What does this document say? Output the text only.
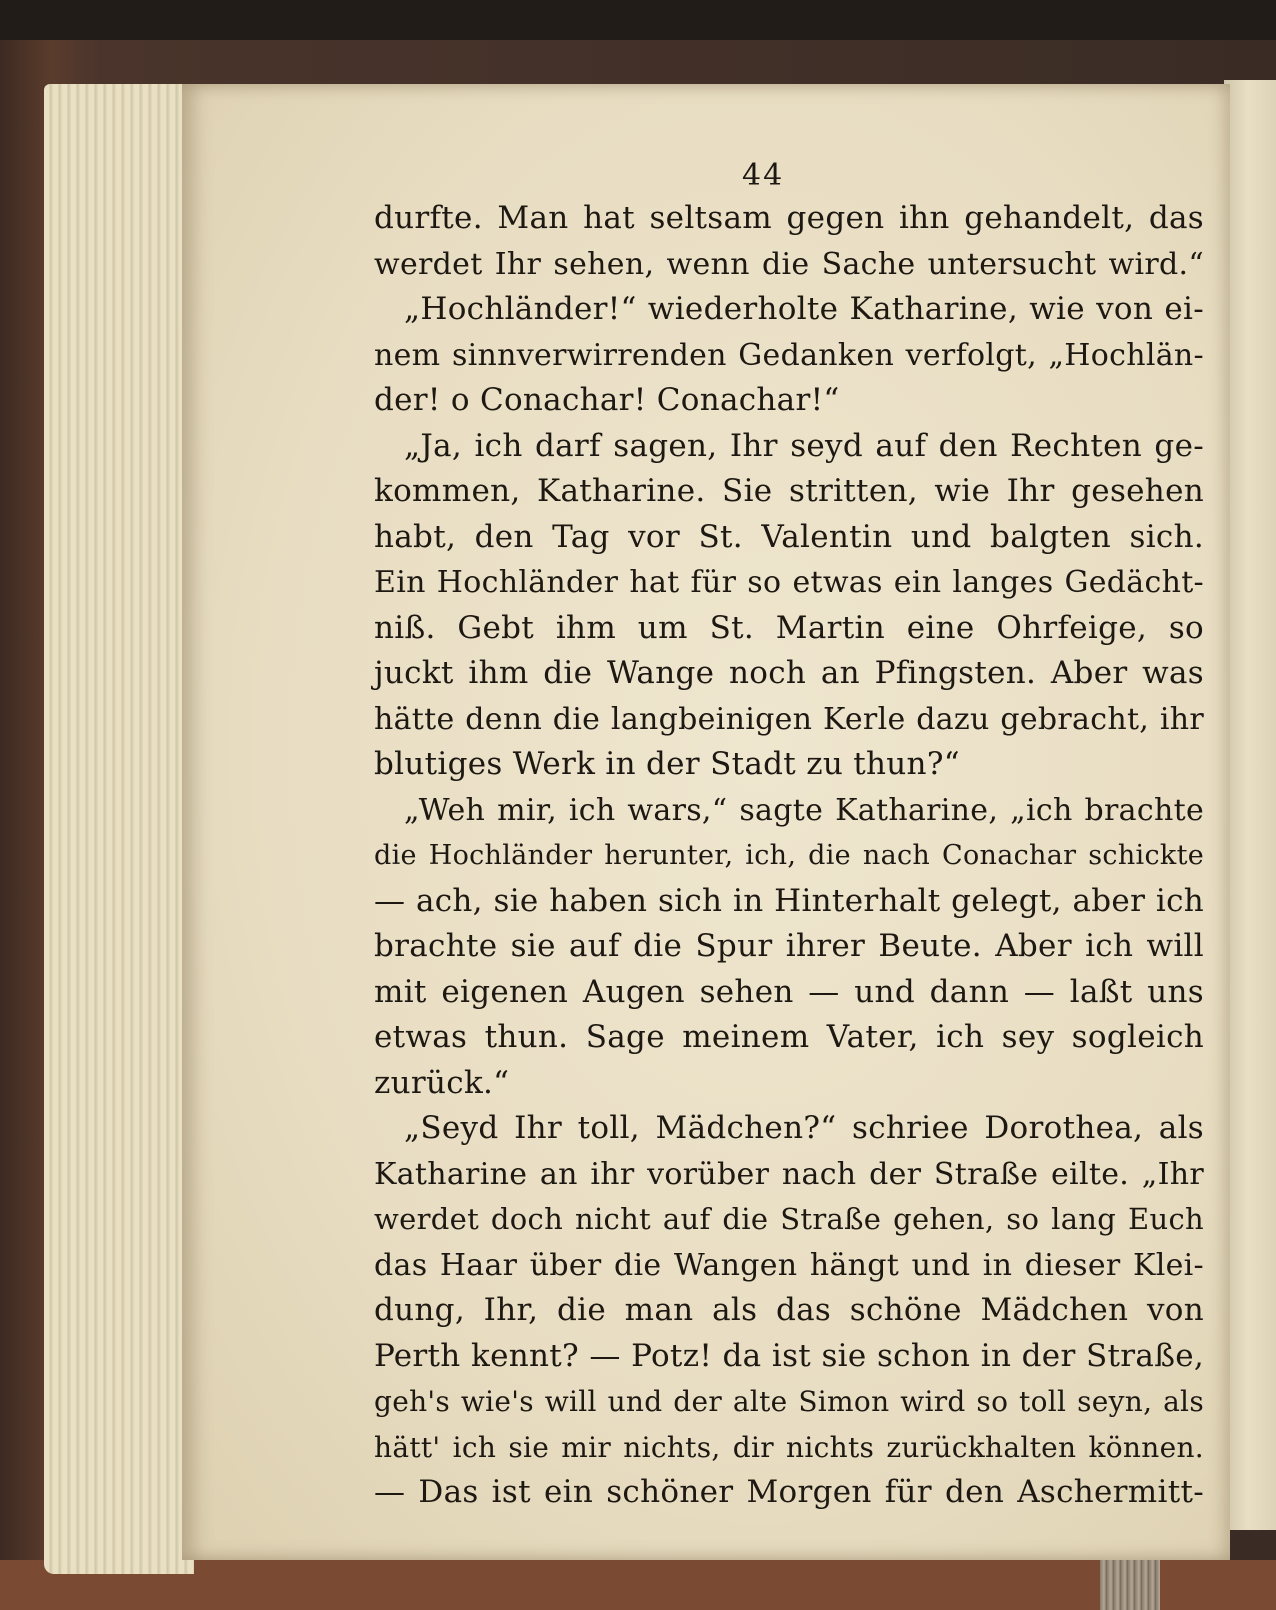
44
durfte. Man hat seltsam gegen ihn gehandelt, das
werdet Ihr sehen, wenn die Sache untersucht wird.“
„Hochländer!“ wiederholte Katharine, wie von ei-
nem sinnverwirrenden Gedanken verfolgt, „Hochlän-
der! o Conachar! Conachar!“
„Ja, ich darf sagen, Ihr seyd auf den Rechten ge-
kommen, Katharine. Sie stritten, wie Ihr gesehen
habt, den Tag vor St. Valentin und balgten sich.
Ein Hochländer hat für so etwas ein langes Gedächt-
niß. Gebt ihm um St. Martin eine Ohrfeige, so
juckt ihm die Wange noch an Pfingsten. Aber was
hätte denn die langbeinigen Kerle dazu gebracht, ihr
blutiges Werk in der Stadt zu thun?“
„Weh mir, ich wars,“ sagte Katharine, „ich brachte
die Hochländer herunter, ich, die nach Conachar schickte
— ach, sie haben sich in Hinterhalt gelegt, aber ich
brachte sie auf die Spur ihrer Beute. Aber ich will
mit eigenen Augen sehen — und dann — laßt uns
etwas thun. Sage meinem Vater, ich sey sogleich
zurück.“
„Seyd Ihr toll, Mädchen?“ schriee Dorothea, als
Katharine an ihr vorüber nach der Straße eilte. „Ihr
werdet doch nicht auf die Straße gehen, so lang Euch
das Haar über die Wangen hängt und in dieser Klei-
dung, Ihr, die man als das schöne Mädchen von
Perth kennt? — Potz! da ist sie schon in der Straße,
geh's wie's will und der alte Simon wird so toll seyn, als
hätt' ich sie mir nichts, dir nichts zurückhalten können.
— Das ist ein schöner Morgen für den Aschermitt-
